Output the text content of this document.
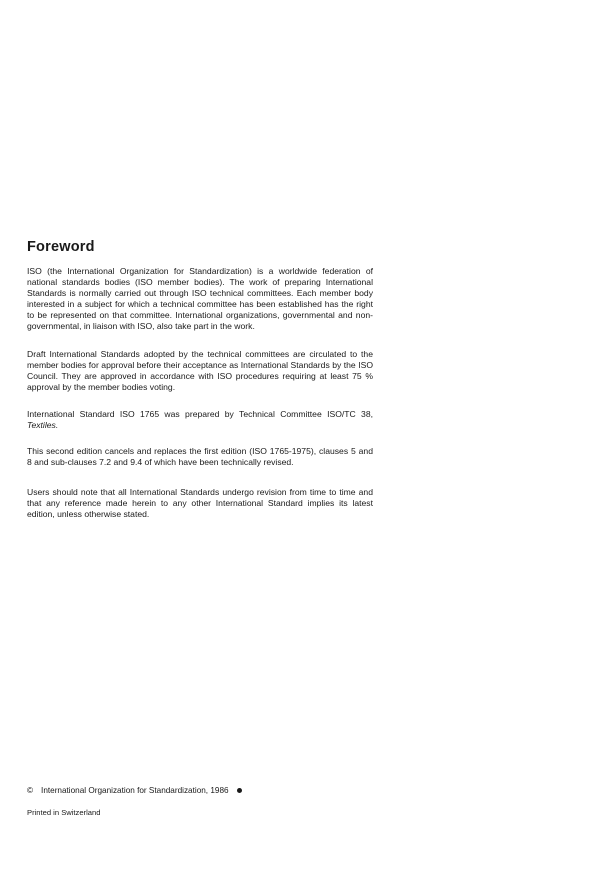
Foreword

ISO (the International Organization for Standardization) is a worldwide federation of national standards bodies (ISO member bodies). The work of preparing International Standards is normally carried out through ISO technical committees. Each member body interested in a subject for which a technical committee has been established has the right to be represented on that committee. International organizations, governmental and non-governmental, in liaison with ISO, also take part in the work.

Draft International Standards adopted by the technical committees are circulated to the member bodies for approval before their acceptance as International Standards by the ISO Council. They are approved in accordance with ISO procedures requiring at least 75 % approval by the member bodies voting.

International Standard ISO 1765 was prepared by Technical Committee ISO/TC 38, Textiles.

This second edition cancels and replaces the first edition (ISO 1765-1975), clauses 5 and 8 and sub-clauses 7.2 and 9.4 of which have been technically revised.

Users should note that all International Standards undergo revision from time to time and that any reference made herein to any other International Standard implies its latest edition, unless otherwise stated.

© International Organization for Standardization, 1986
Printed in Switzerland
